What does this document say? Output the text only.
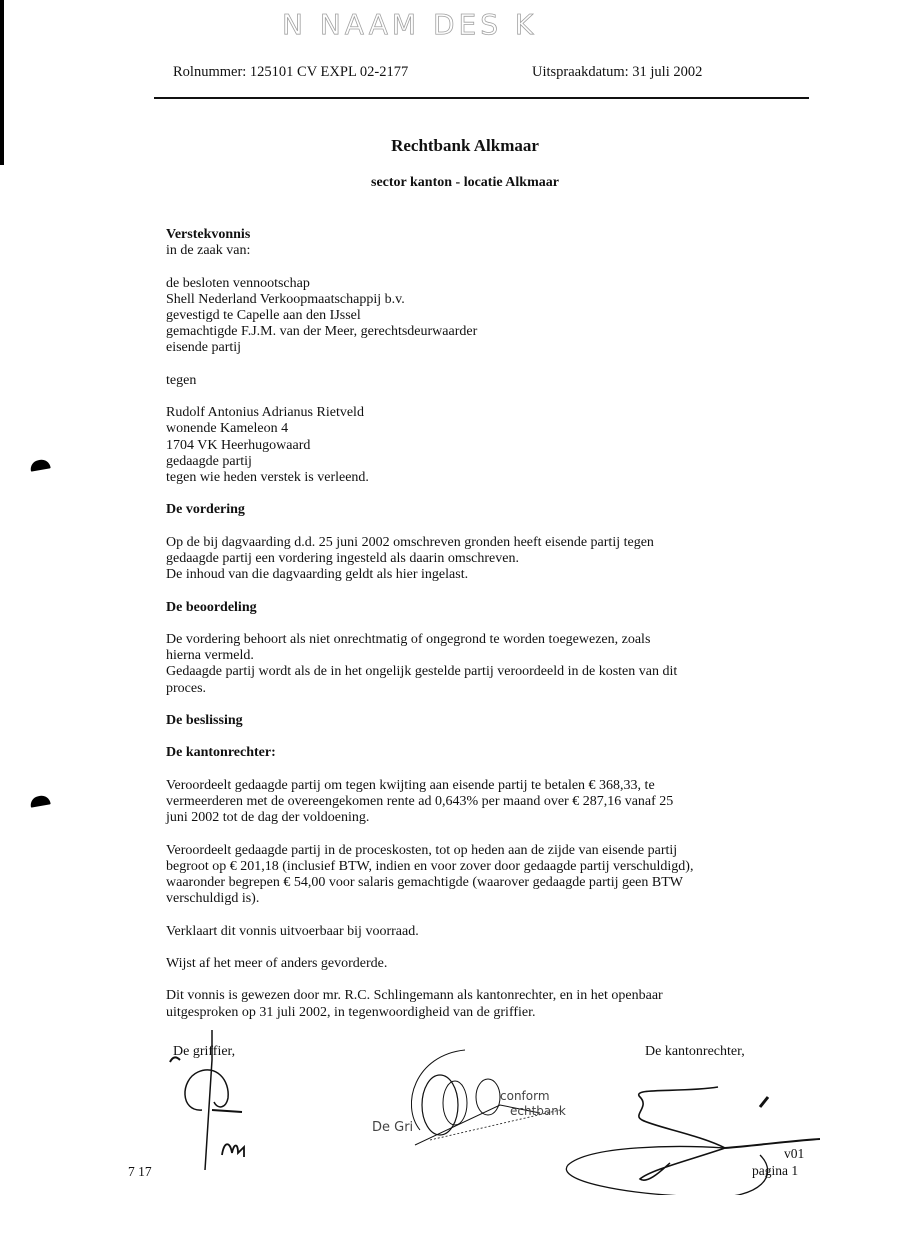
N NAAM DES K
Rolnummer: 125101 CV EXPL 02-2177	Uitspraakdatum: 31 juli 2002
Rechtbank Alkmaar
sector kanton - locatie Alkmaar

Verstekvonnis

in de zaak van:

de besloten vennootschap

Shell Nederland Verkoopmaatschappij b.v.

gevestigd te Capelle aan den IJssel

gemachtigde F.J.M. van der Meer, gerechtsdeurwaarder

eisende partij

tegen

Rudolf Antonius Adrianus Rietveld

wonende Kameleon 4

1704 VK Heerhugowaard

gedaagde partij

tegen wie heden verstek is verleend.

De vordering

Op de bij dagvaarding d.d. 25 juni 2002 omschreven gronden heeft eisende partij tegen

gedaagde partij een vordering ingesteld als daarin omschreven.

De inhoud van die dagvaarding geldt als hier ingelast.

De beoordeling

De vordering behoort als niet onrechtmatig of ongegrond te worden toegewezen, zoals

hierna vermeld.

Gedaagde partij wordt als de in het ongelijk gestelde partij veroordeeld in de kosten van dit

proces.

De beslissing

De kantonrechter:

Veroordeelt gedaagde partij om tegen kwijting aan eisende partij te betalen € 368,33, te

vermeerderen met de overeengekomen rente ad 0,643% per maand over € 287,16 vanaf 25

juni 2002 tot de dag der voldoening.

Veroordeelt gedaagde partij in de proceskosten, tot op heden aan de zijde van eisende partij

begroot op € 201,18 (inclusief BTW, indien en voor zover door gedaagde partij verschuldigd),

waaronder begrepen € 54,00 voor salaris gemachtigde (waarover gedaagde partij geen BTW

verschuldigd is).

Verklaart dit vonnis uitvoerbaar bij voorraad.

Wijst af het meer of anders gevorderde.

Dit vonnis is gewezen door mr. R.C. Schlingemann als kantonrechter, en in het openbaar

uitgesproken op 31 juli 2002, in tegenwoordigheid van de griffier.

De griffier,	De kantonrechter,
De Gri
conform
echtbank
7 17
v01
pagina 1
